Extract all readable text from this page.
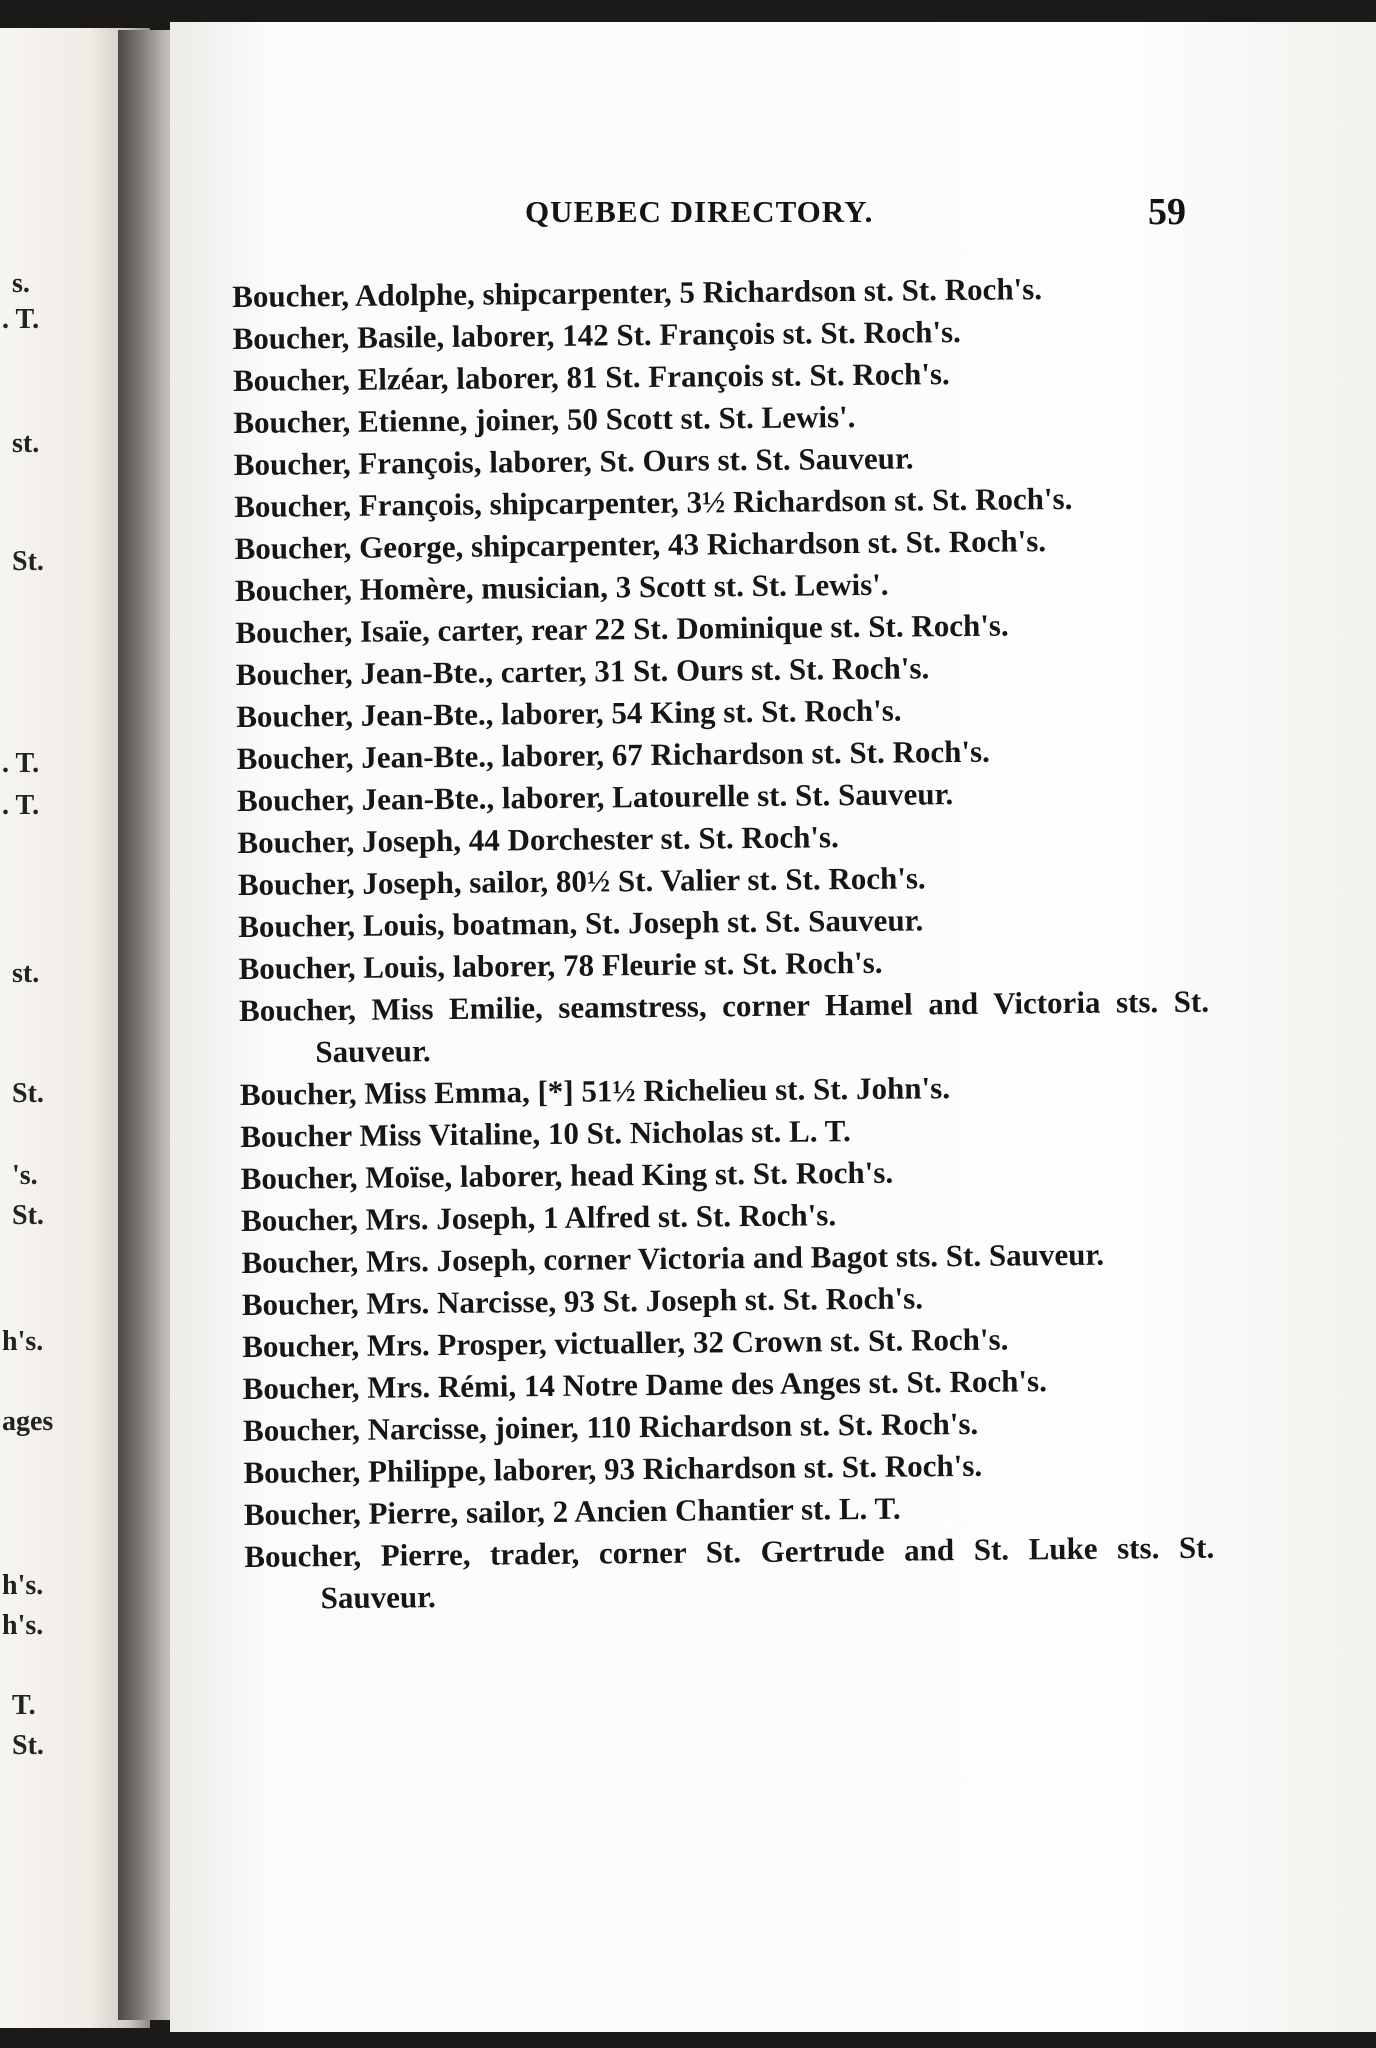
s.
. T.
st.
St.
. T.
. T.
st.
St.
's.
St.
h's.
ages
h's.
h's.
T.
St.
QUEBEC DIRECTORY.	59
Boucher, Adolphe, shipcarpenter, 5 Richardson st. St. Roch's.
Boucher, Basile, laborer, 142 St. François st. St. Roch's.
Boucher, Elzéar, laborer, 81 St. François st. St. Roch's.
Boucher, Etienne, joiner, 50 Scott st. St. Lewis'.
Boucher, François, laborer, St. Ours st. St. Sauveur.
Boucher, François, shipcarpenter, 3½ Richardson st. St. Roch's.
Boucher, George, shipcarpenter, 43 Richardson st. St. Roch's.
Boucher, Homère, musician, 3 Scott st. St. Lewis'.
Boucher, Isaïe, carter, rear 22 St. Dominique st. St. Roch's.
Boucher, Jean-Bte., carter, 31 St. Ours st. St. Roch's.
Boucher, Jean-Bte., laborer, 54 King st. St. Roch's.
Boucher, Jean-Bte., laborer, 67 Richardson st. St. Roch's.
Boucher, Jean-Bte., laborer, Latourelle st. St. Sauveur.
Boucher, Joseph, 44 Dorchester st. St. Roch's.
Boucher, Joseph, sailor, 80½ St. Valier st. St. Roch's.
Boucher, Louis, boatman, St. Joseph st. St. Sauveur.
Boucher, Louis, laborer, 78 Fleurie st. St. Roch's.
Boucher, Miss Emilie, seamstress, corner Hamel and Victoria sts. St. Sauveur.
Boucher, Miss Emma, [*] 51½ Richelieu st. St. John's.
Boucher Miss Vitaline, 10 St. Nicholas st. L. T.
Boucher, Moïse, laborer, head King st. St. Roch's.
Boucher, Mrs. Joseph, 1 Alfred st. St. Roch's.
Boucher, Mrs. Joseph, corner Victoria and Bagot sts. St. Sauveur.
Boucher, Mrs. Narcisse, 93 St. Joseph st. St. Roch's.
Boucher, Mrs. Prosper, victualler, 32 Crown st. St. Roch's.
Boucher, Mrs. Rémi, 14 Notre Dame des Anges st. St. Roch's.
Boucher, Narcisse, joiner, 110 Richardson st. St. Roch's.
Boucher, Philippe, laborer, 93 Richardson st. St. Roch's.
Boucher, Pierre, sailor, 2 Ancien Chantier st. L. T.
Boucher, Pierre, trader, corner St. Gertrude and St. Luke sts. St. Sauveur.
